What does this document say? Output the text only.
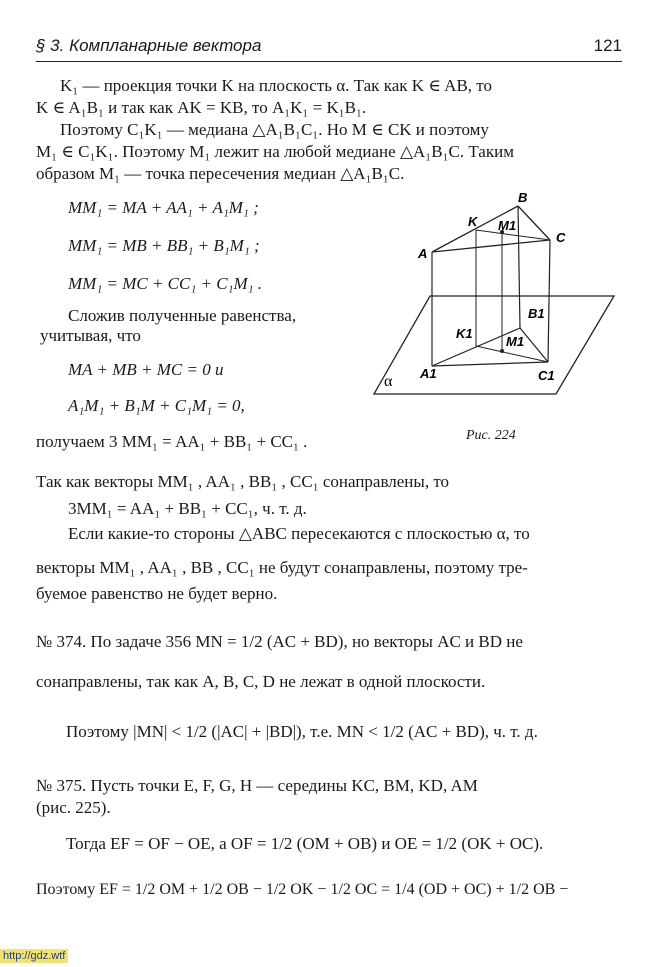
§ 3. Компланарные вектора	121
K₁ — проекция точки K на плоскость α. Так как K ∈ AB, то
K ∈ A₁B₁ и так как AK = KB, то A₁K₁ = K₁B₁.
Поэтому C₁K₁ — медиана △A₁B₁C₁. Но M ∈ CK и поэтому
M₁ ∈ C₁K₁. Поэтому M₁ лежит на любой медиане △A₁B₁C. Таким
образом M₁ — точка пересечения медиан △A₁B₁C.
MM₁ = MA + AA₁ + A₁M₁ ;
MM₁ = MB + BB₁ + B₁M₁ ;
MM₁ = MC + CC₁ + C₁M₁ .
Сложив полученные равенства,
учитывая, что
MA + MB + MC = 0 и
A₁M₁ + B₁M + C₁M₁ = 0,
получаем 3 MM₁ = AA₁ + BB₁ + CC₁ .
Так как векторы MM₁ , AA₁ , BB₁ , CC₁ сонаправлены, то
3MM₁ = AA₁ + BB₁ + CC₁, ч. т. д.
Если какие-то стороны △ABC пересекаются с плоскостью α, то
векторы MM₁ , AA₁ , BB , CC₁ не будут сонаправлены, поэтому тре-
буемое равенство не будет верно.
№ 374. По задаче 356 MN = 1/2 (AC + BD), но векторы AC и BD не
сонаправлены, так как A, B, C, D не лежат в одной плоскости.
Поэтому |MN| < 1/2 (|AC| + |BD|), т.е. MN < 1/2 (AC + BD), ч. т. д.
№ 375. Пусть точки E, F, G, H — середины KC, BM, KD, AM
(рис. 225).
Тогда EF = OF − OE, а OF = 1/2 (OM + OB) и OE = 1/2 (OK + OC).
Поэтому EF = 1/2 OM + 1/2 OB − 1/2 OK − 1/2 OC = 1/4 (OD + OC) + 1/2 OB −
B
K M1
C
A
B1
K1
M1
A1	C1
α
Рис. 224
http://gdz.wtf
